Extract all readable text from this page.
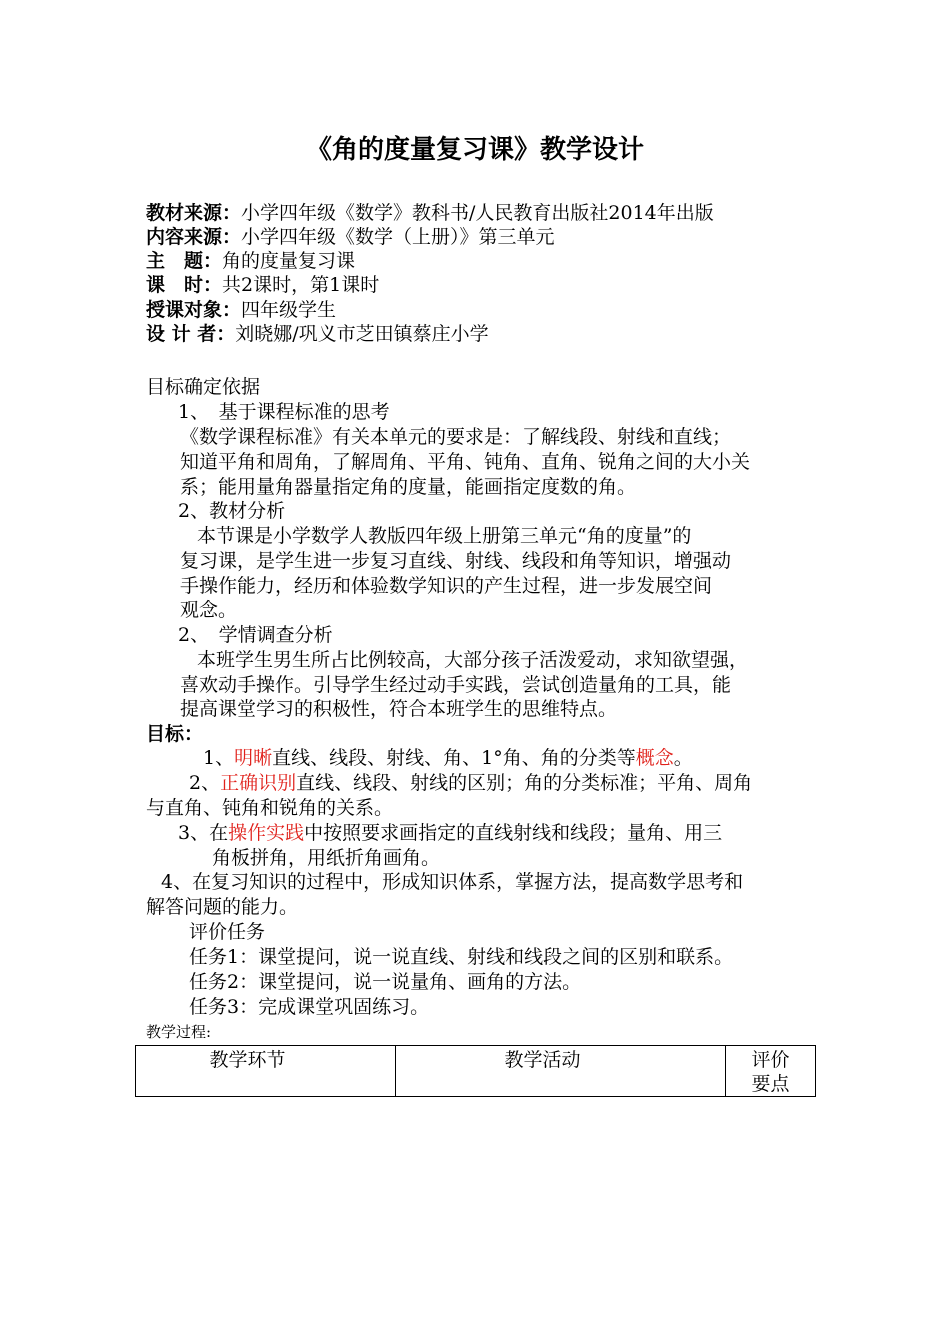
《角的度量复习课》教学设计
教材来源：小学四年级《数学》教科书/人民教育出版社2014年出版
内容来源：小学四年级《数学（上册）》第三单元
主　题：角的度量复习课
课　时：共2课时，第1课时
授课对象：四年级学生
设 计 者：刘晓娜/巩义市芝田镇蔡庄小学
目标确定依据
1、　基于课程标准的思考
《数学课程标准》有关本单元的要求是：了解线段、射线和直线；
知道平角和周角，了解周角、平角、钝角、直角、锐角之间的大小关
系；能用量角器量指定角的度量，能画指定度数的角。
2、教材分析
本节课是小学数学人教版四年级上册第三单元“角的度量”的
复习课，是学生进一步复习直线、射线、线段和角等知识，增强动
手操作能力，经历和体验数学知识的产生过程，进一步发展空间
观念。
2、　学情调查分析
本班学生男生所占比例较高，大部分孩子活泼爱动，求知欲望强，
喜欢动手操作。引导学生经过动手实践，尝试创造量角的工具，能
提高课堂学习的积极性，符合本班学生的思维特点。
目标：
1、明晰直线、线段、射线、角、1°角、角的分类等概念。
2、正确识别直线、线段、射线的区别；角的分类标准；平角、周角
与直角、钝角和锐角的关系。
3、在操作实践中按照要求画指定的直线射线和线段；量角、用三
角板拼角，用纸折角画角。
4、在复习知识的过程中，形成知识体系，掌握方法，提高数学思考和
解答问题的能力。
评价任务
任务1：课堂提问，说一说直线、射线和线段之间的区别和联系。
任务2：课堂提问，说一说量角、画角的方法。
任务3：完成课堂巩固练习。
教学过程:
教学环节	教学活动	评价
要点
